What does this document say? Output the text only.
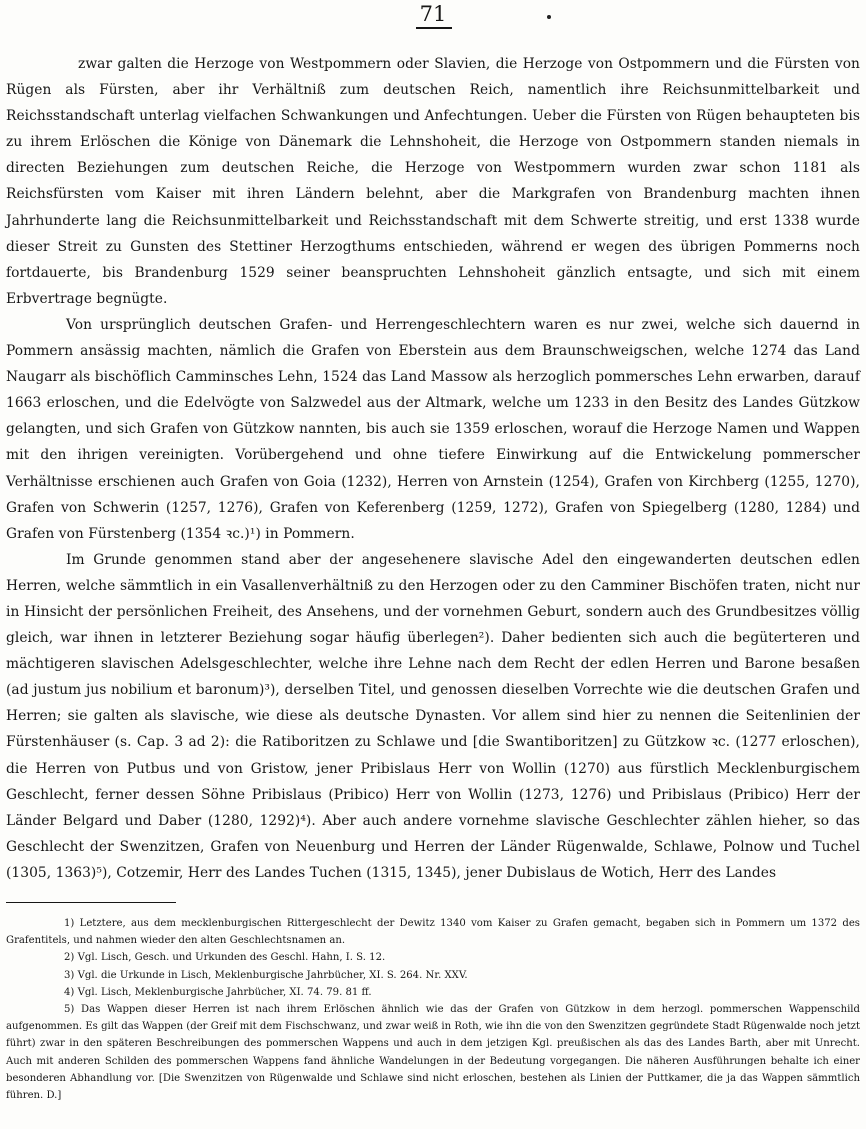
71

zwar galten die Herzoge von Westpommern oder Slavien, die Herzoge von Ostpommern und die Fürsten von Rügen als Fürsten, aber ihr Verhältniß zum deutschen Reich, namentlich ihre Reichsunmittelbarkeit und Reichsstandschaft unterlag vielfachen Schwankungen und Anfechtungen. Ueber die Fürsten von Rügen behaupteten bis zu ihrem Erlöschen die Könige von Dänemark die Lehnshoheit, die Herzoge von Ostpommern standen niemals in directen Beziehungen zum deutschen Reiche, die Herzoge von Westpommern wurden zwar schon 1181 als Reichsfürsten vom Kaiser mit ihren Ländern belehnt, aber die Markgrafen von Brandenburg machten ihnen Jahrhunderte lang die Reichsunmittelbarkeit und Reichsstandschaft mit dem Schwerte streitig, und erst 1338 wurde dieser Streit zu Gunsten des Stettiner Herzogthums entschieden, während er wegen des übrigen Pommerns noch fortdauerte, bis Brandenburg 1529 seiner beanspruchten Lehnshoheit gänzlich entsagte, und sich mit einem Erbvertrage begnügte.

Von ursprünglich deutschen Grafen- und Herrengeschlechtern waren es nur zwei, welche sich dauernd in Pommern ansässig machten, nämlich die Grafen von Eberstein aus dem Braunschweigschen, welche 1274 das Land Naugarr als bischöflich Camminsches Lehn, 1524 das Land Massow als herzoglich pommersches Lehn erwarben, darauf 1663 erloschen, und die Edelvögte von Salzwedel aus der Altmark, welche um 1233 in den Besitz des Landes Gützkow gelangten, und sich Grafen von Gützkow nannten, bis auch sie 1359 erloschen, worauf die Herzoge Namen und Wappen mit den ihrigen vereinigten. Vorübergehend und ohne tiefere Einwirkung auf die Entwickelung pommerscher Verhältnisse erschienen auch Grafen von Goia (1232), Herren von Arnstein (1254), Grafen von Kirchberg (1255, 1270), Grafen von Schwerin (1257, 1276), Grafen von Keferenberg (1259, 1272), Grafen von Spiegelberg (1280, 1284) und Grafen von Fürstenberg (1354 ꝛc.)¹) in Pommern.

Im Grunde genommen stand aber der angesehenere slavische Adel den eingewanderten deutschen edlen Herren, welche sämmtlich in ein Vasallenverhältniß zu den Herzogen oder zu den Camminer Bischöfen traten, nicht nur in Hinsicht der persönlichen Freiheit, des Ansehens, und der vornehmen Geburt, sondern auch des Grundbesitzes völlig gleich, war ihnen in letzterer Beziehung sogar häufig überlegen²). Daher bedienten sich auch die begüterteren und mächtigeren slavischen Adelsgeschlechter, welche ihre Lehne nach dem Recht der edlen Herren und Barone besaßen (ad justum jus nobilium et baronum)³), derselben Titel, und genossen dieselben Vorrechte wie die deutschen Grafen und Herren; sie galten als slavische, wie diese als deutsche Dynasten. Vor allem sind hier zu nennen die Seitenlinien der Fürstenhäuser (s. Cap. 3 ad 2): die Ratiboritzen zu Schlawe und [die Swantiboritzen] zu Gützkow ꝛc. (1277 erloschen), die Herren von Putbus und von Gristow, jener Pribislaus Herr von Wollin (1270) aus fürstlich Mecklenburgischem Geschlecht, ferner dessen Söhne Pribislaus (Pribico) Herr von Wollin (1273, 1276) und Pribislaus (Pribico) Herr der Länder Belgard und Daber (1280, 1292)⁴). Aber auch andere vornehme slavische Geschlechter zählen hieher, so das Geschlecht der Swenzitzen, Grafen von Neuenburg und Herren der Länder Rügenwalde, Schlawe, Polnow und Tuchel (1305, 1363)⁵), Cotzemir, Herr des Landes Tuchen (1315, 1345), jener Dubislaus de Wotich, Herr des Landes

1) Letztere, aus dem mecklenburgischen Rittergeschlecht der Dewitz 1340 vom Kaiser zu Grafen gemacht, begaben sich in Pommern um 1372 des Grafentitels, und nahmen wieder den alten Geschlechtsnamen an.

2) Vgl. Lisch, Gesch. und Urkunden des Geschl. Hahn, I. S. 12.

3) Vgl. die Urkunde in Lisch, Meklenburgische Jahrbücher, XI. S. 264. Nr. XXV.

4) Vgl. Lisch, Meklenburgische Jahrbücher, XI. 74. 79. 81 ff.

5) Das Wappen dieser Herren ist nach ihrem Erlöschen ähnlich wie das der Grafen von Gützkow in dem herzogl. pommerschen Wappenschild aufgenommen. Es gilt das Wappen (der Greif mit dem Fischschwanz, und zwar weiß in Roth, wie ihn die von den Swenzitzen gegründete Stadt Rügenwalde noch jetzt führt) zwar in den späteren Beschreibungen des pommerschen Wappens und auch in dem jetzigen Kgl. preußischen als das des Landes Barth, aber mit Unrecht. Auch mit anderen Schilden des pommerschen Wappens fand ähnliche Wandelungen in der Bedeutung vorgegangen. Die näheren Ausführungen behalte ich einer besonderen Abhandlung vor. [Die Swenzitzen von Rügenwalde und Schlawe sind nicht erloschen, bestehen als Linien der Puttkamer, die ja das Wappen sämmtlich führen. D.]
